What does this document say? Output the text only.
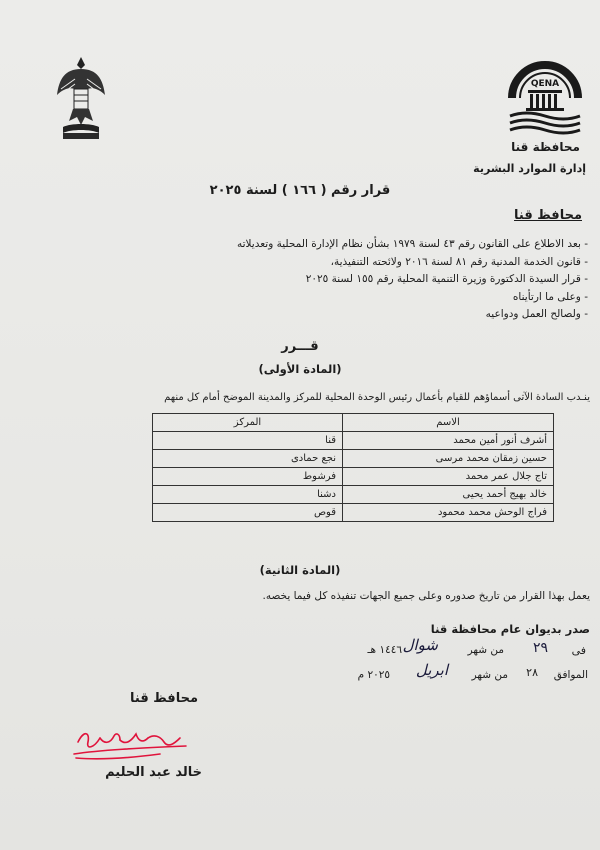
QENA
محافظة قنا
إدارة الموارد البشرية
قرار رقم ( ١٦٦ ) لسنة ٢٠٢٥
محافظ قنا
- بعد الاطلاع على القانون رقم ٤٣ لسنة ١٩٧٩ بشأن نظام الإدارة المحلية وتعديلاته
- قانون الخدمة المدنية رقم ٨١ لسنة ٢٠١٦ ولائحته التنفيذية،
- قرار السيدة الدكتورة وزيرة التنمية المحلية رقم ١٥٥ لسنة ٢٠٢٥
- وعلى ما ارتأيناه
- ولصالح العمل ودواعيه
قـــرر
(المادة الأولى)
ينـدب السادة الآتى أسماؤهم للقيام بأعمال رئيس الوحدة المحلية للمركز والمدينة الموضح أمام كل منهم
الاسم	المركز
أشرف أنور أمين محمد	قنا
حسين زمقان محمد مرسى	نجع حمادى
تاج جلال عمر محمد	فرشوط
خالد بهيج أحمد يحيى	دشنا
فراج الوحش محمد محمود	قوص
(المادة الثانية)
يعمل بهذا القرار من تاريخ صدوره وعلى جميع الجهات تنفيذه كل فيما يخصه.
صدر بديوان عام محافظة قنا
فى
٢٩
من شهر
شوال
١٤٤٦ هـ
الموافق
٢٨
من شهر
ابريل
٢٠٢٥ م
محافظ قنا
خالد عبد الحليم
